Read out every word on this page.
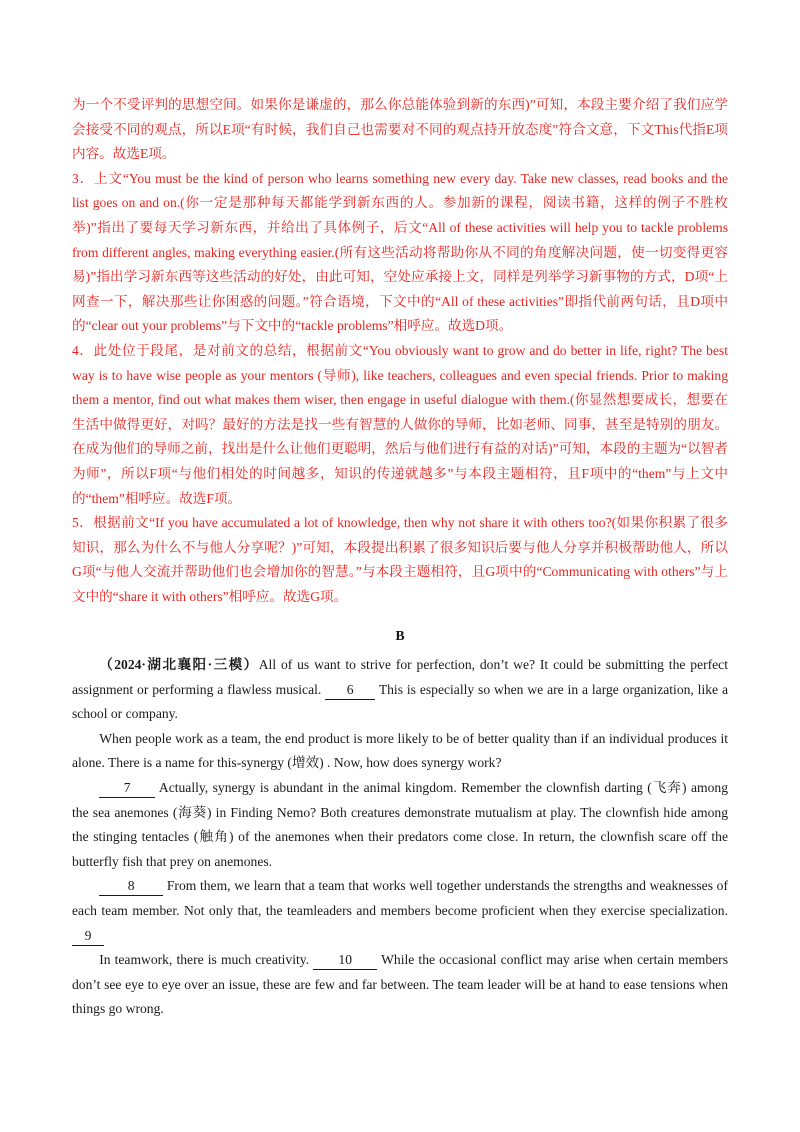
为一个不受评判的思想空间。如果你是谦虚的，那么你总能体验到新的东西)”可知，本段主要介绍了我们应学会接受不同的观点，所以E项“有时候，我们自己也需要对不同的观点持开放态度”符合文意，下文This代指E项内容。故选E项。

3．上文“You must be the kind of person who learns something new every day. Take new classes, read books and the list goes on and on.(你一定是那种每天都能学到新东西的人。参加新的课程，阅读书籍，这样的例子不胜枚举)”指出了要每天学习新东西，并给出了具体例子，后文“All of these activities will help you to tackle problems from different angles, making everything easier.(所有这些活动将帮助你从不同的角度解决问题，使一切变得更容易)”指出学习新东西等这些活动的好处，由此可知，空处应承接上文，同样是列举学习新事物的方式，D项“上网查一下，解决那些让你困惑的问题。”符合语境，下文中的“All of these activities”即指代前两句话，且D项中的“clear out your problems”与下文中的“tackle problems”相呼应。故选D项。

4．此处位于段尾，是对前文的总结，根据前文“You obviously want to grow and do better in life, right? The best way is to have wise people as your mentors (导师), like teachers, colleagues and even special friends. Prior to making them a mentor, find out what makes them wiser, then engage in useful dialogue with them.(你显然想要成长，想要在生活中做得更好，对吗？最好的方法是找一些有智慧的人做你的导师，比如老师、同事，甚至是特别的朋友。在成为他们的导师之前，找出是什么让他们更聪明，然后与他们进行有益的对话)”可知，本段的主题为“以智者为师”，所以F项“与他们相处的时间越多，知识的传递就越多”与本段主题相符，且F项中的“them”与上文中的“them”相呼应。故选F项。

5．根据前文“If you have accumulated a lot of knowledge, then why not share it with others too?(如果你积累了很多知识，那么为什么不与他人分享呢？)”可知，本段提出积累了很多知识后要与他人分享并积极帮助他人，所以G项“与他人交流并帮助他们也会增加你的智慧。”与本段主题相符，且G项中的“Communicating with others”与上文中的“share it with others”相呼应。故选G项。

B

（2024·湖北襄阳·三模）All of us want to strive for perfection, don’t we? It could be submitting the perfect assignment or performing a flawless musical. 6 This is especially so when we are in a large organization, like a school or company.

When people work as a team, the end product is more likely to be of better quality than if an individual produces it alone. There is a name for this-synergy (增效) . Now, how does synergy work?

7 Actually, synergy is abundant in the animal kingdom. Remember the clownfish darting (飞奔) among the sea anemones (海葵) in Finding Nemo? Both creatures demonstrate mutualism at play. The clownfish hide among the stinging tentacles (触角) of the anemones when their predators come close. In return, the clownfish scare off the butterfly fish that prey on anemones.

8 From them, we learn that a team that works well together understands the strengths and weaknesses of each team member. Not only that, the teamleaders and members become proficient when they exercise specialization. 9

In teamwork, there is much creativity. 10 While the occasional conflict may arise when certain members don’t see eye to eye over an issue, these are few and far between. The team leader will be at hand to ease tensions when things go wrong.
